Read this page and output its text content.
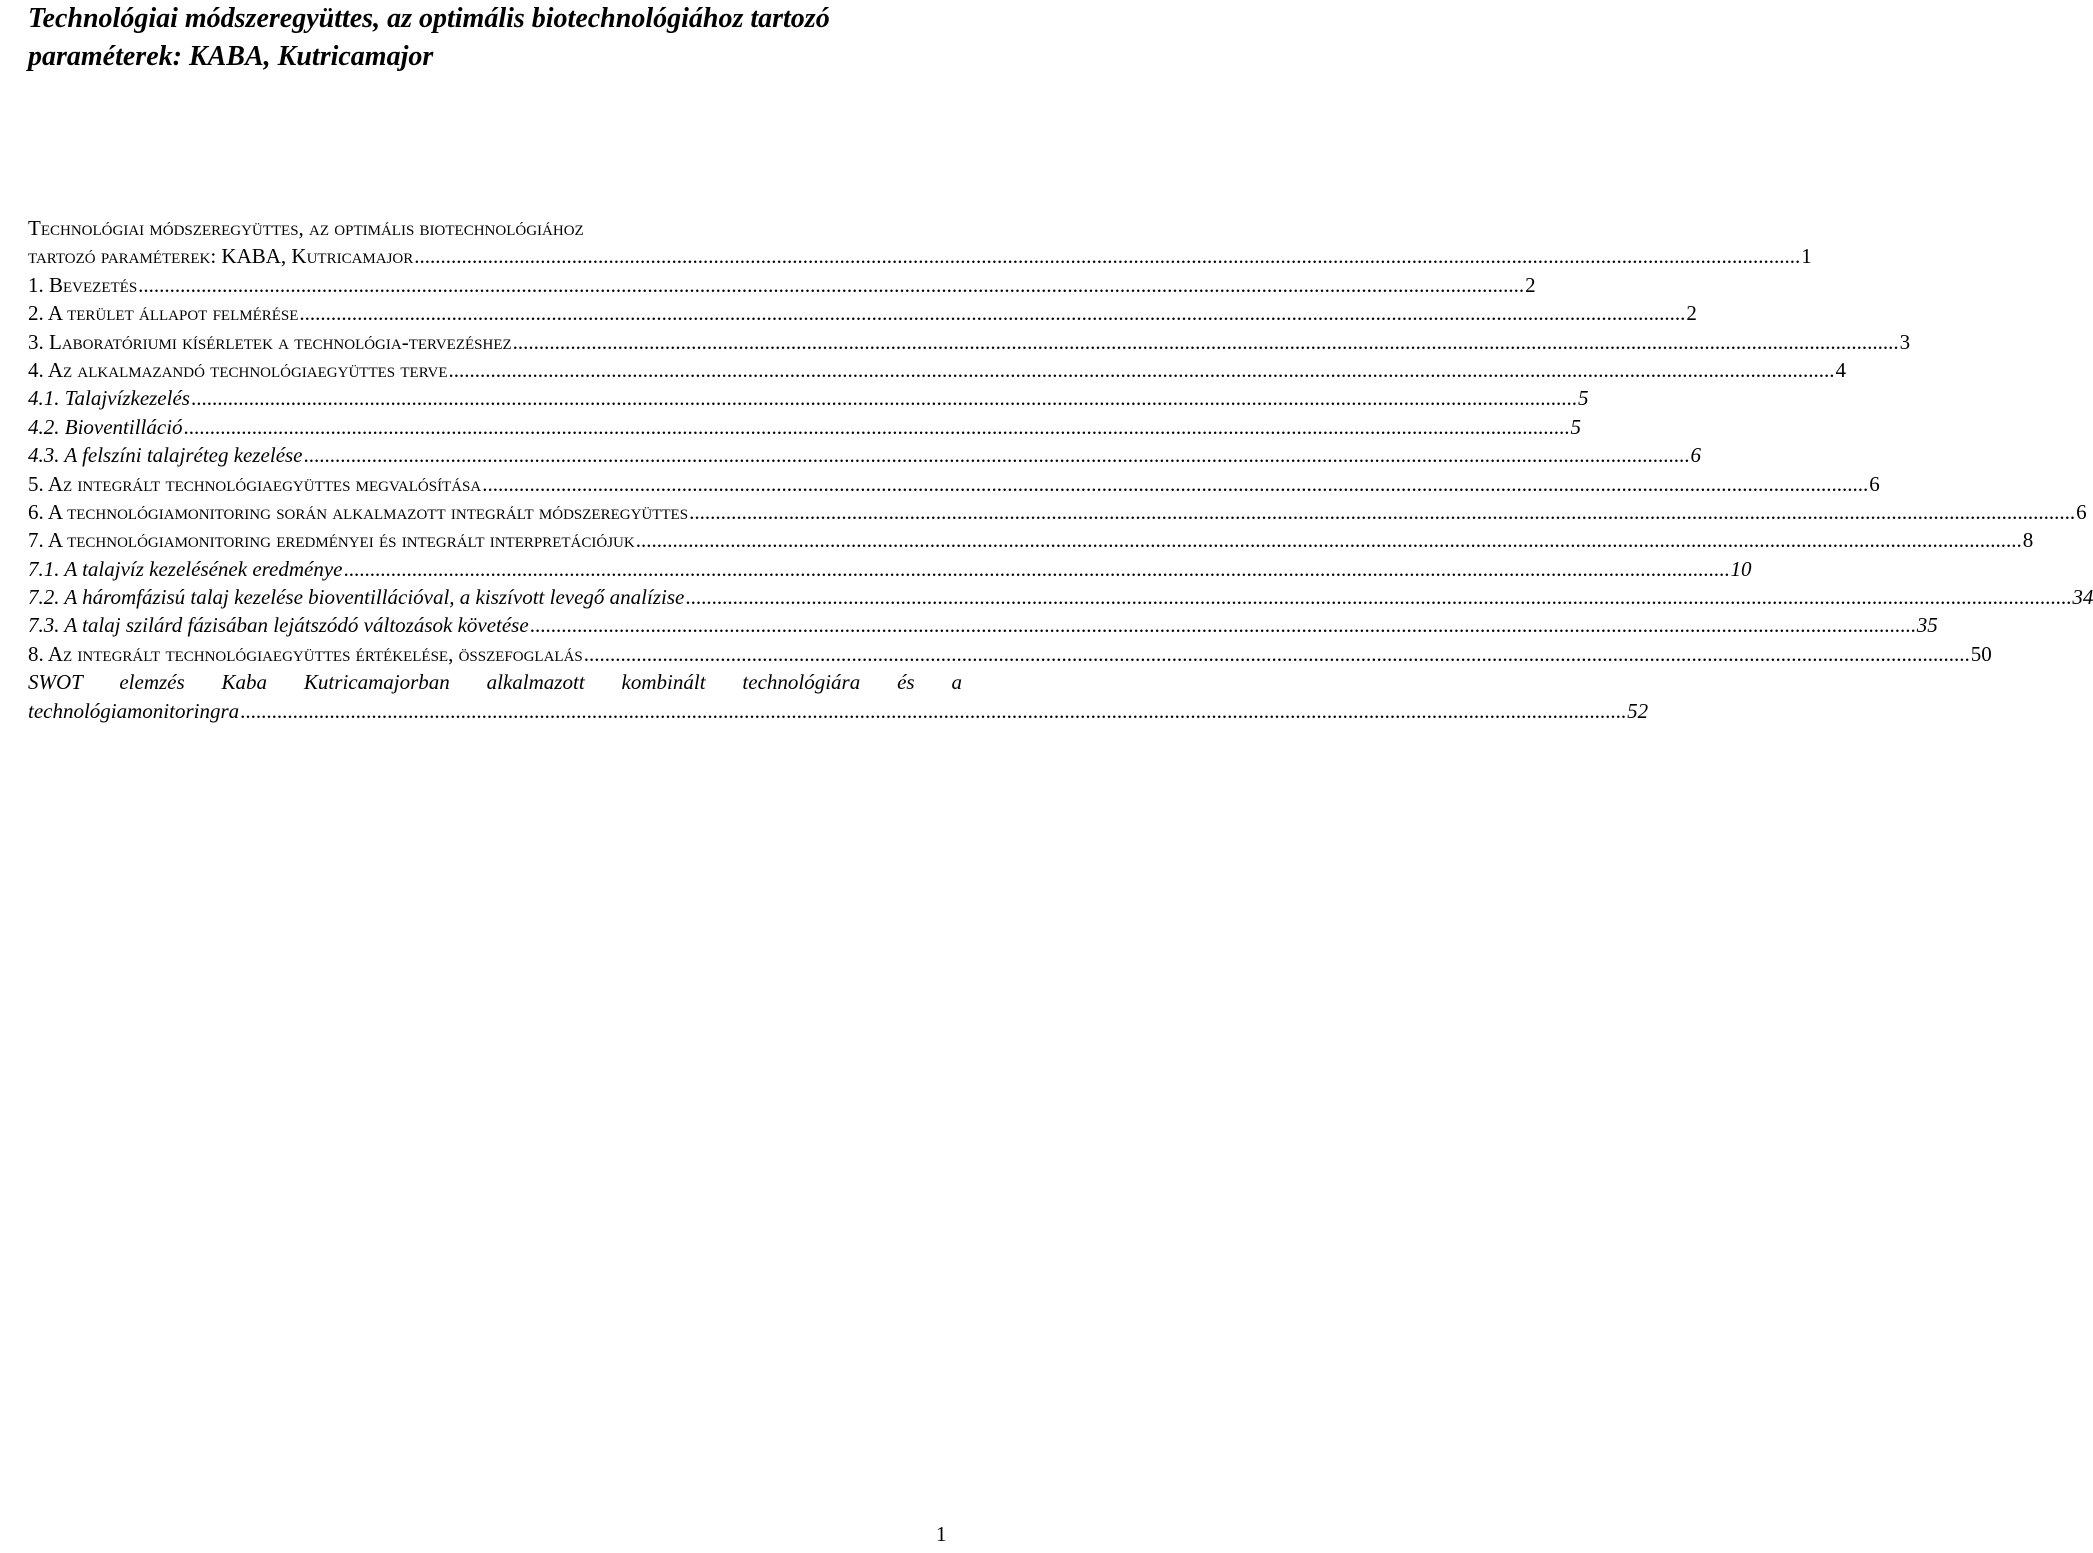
Technológiai módszeregyüttes, az optimális biotechnológiához tartozó paraméterek: KABA, Kutricamajor
Technológiai módszeregyüttes, az optimális biotechnológiához
tartozó paraméterek: KABA, Kutricamajor .....	1
1. Bevezetés .....	2
2. A terület állapot felmérése .....	2
3. Laboratóriumi kísérletek a technológia-tervezéshez .....	3
4. Az alkalmazandó technológiaegyüttes terve .....	4
4.1. Talajvízkezelés .....	5
4.2. Bioventilláció .....	5
4.3. A felszíni talajréteg kezelése .....	6
5. Az integrált technológiaegyüttes megvalósítása .....	6
6. A technológiamonitoring során alkalmazott integrált módszeregyüttes .....	6
7. A technológiamonitoring eredményei és integrált interpretációjuk .....	8
7.1. A talajvíz kezelésének eredménye .....	10
7.2. A háromfázisú talaj kezelése bioventillációval, a kiszívott levegő analízise .....	34
7.3. A talaj szilárd fázisában lejátszódó változások követése .....	35
8. Az integrált technológiaegyüttes értékelése, összefoglalás .....	50
SWOT elemzés Kaba Kutricamajorban alkalmazott kombinált technológiára és a
technológiamonitoringra .....	52
1
